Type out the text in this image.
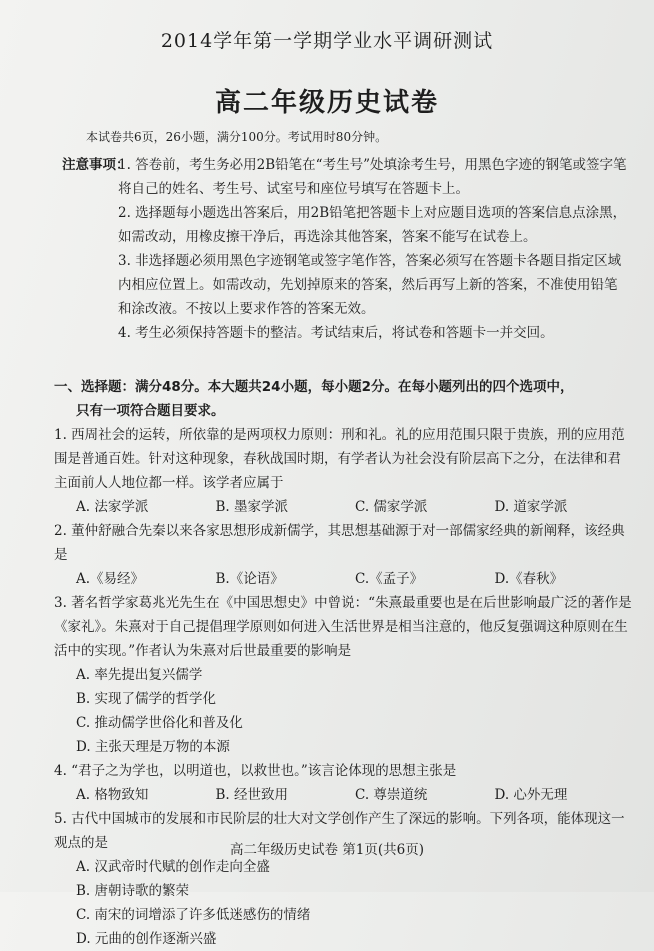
2014学年第一学期学业水平调研测试
高二年级历史试卷
本试卷共6页，26小题，满分100分。考试用时80分钟。
注意事项：
1. 答卷前，考生务必用2B铅笔在“考生号”处填涂考生号，用黑色字迹的钢笔或签字笔将自己的姓名、考生号、试室号和座位号填写在答题卡上。
2. 选择题每小题选出答案后，用2B铅笔把答题卡上对应题目选项的答案信息点涂黑，如需改动，用橡皮擦干净后，再选涂其他答案，答案不能写在试卷上。
3. 非选择题必须用黑色字迹钢笔或签字笔作答，答案必须写在答题卡各题目指定区域内相应位置上。如需改动，先划掉原来的答案，然后再写上新的答案，不准使用铅笔和涂改液。不按以上要求作答的答案无效。
4. 考生必须保持答题卡的整洁。考试结束后，将试卷和答题卡一并交回。
一、选择题：满分48分。本大题共24小题，每小题2分。在每小题列出的四个选项中，
只有一项符合题目要求。
1. 西周社会的运转，所依靠的是两项权力原则：刑和礼。礼的应用范围只限于贵族，刑的应用范围是普通百姓。针对这种现象，春秋战国时期，有学者认为社会没有阶层高下之分，在法律和君主面前人人地位都一样。该学者应属于
A. 法家学派	B. 墨家学派	C. 儒家学派	D. 道家学派
2. 董仲舒融合先秦以来各家思想形成新儒学，其思想基础源于对一部儒家经典的新阐释，该经典是
A.《易经》	B.《论语》	C.《孟子》	D.《春秋》
3. 著名哲学家葛兆光先生在《中国思想史》中曾说：“朱熹最重要也是在后世影响最广泛的著作是《家礼》。朱熹对于自己提倡理学原则如何进入生活世界是相当注意的，他反复强调这种原则在生活中的实现。”作者认为朱熹对后世最重要的影响是
A. 率先提出复兴儒学
B. 实现了儒学的哲学化
C. 推动儒学世俗化和普及化
D. 主张天理是万物的本源
4. “君子之为学也，以明道也，以救世也。”该言论体现的思想主张是
A. 格物致知	B. 经世致用	C. 尊崇道统	D. 心外无理
5. 古代中国城市的发展和市民阶层的壮大对文学创作产生了深远的影响。下列各项，能体现这一观点的是
A. 汉武帝时代赋的创作走向全盛
B. 唐朝诗歌的繁荣
C. 南宋的词增添了许多低迷感伤的情绪
D. 元曲的创作逐渐兴盛
高二年级历史试卷 第1页(共6页)
